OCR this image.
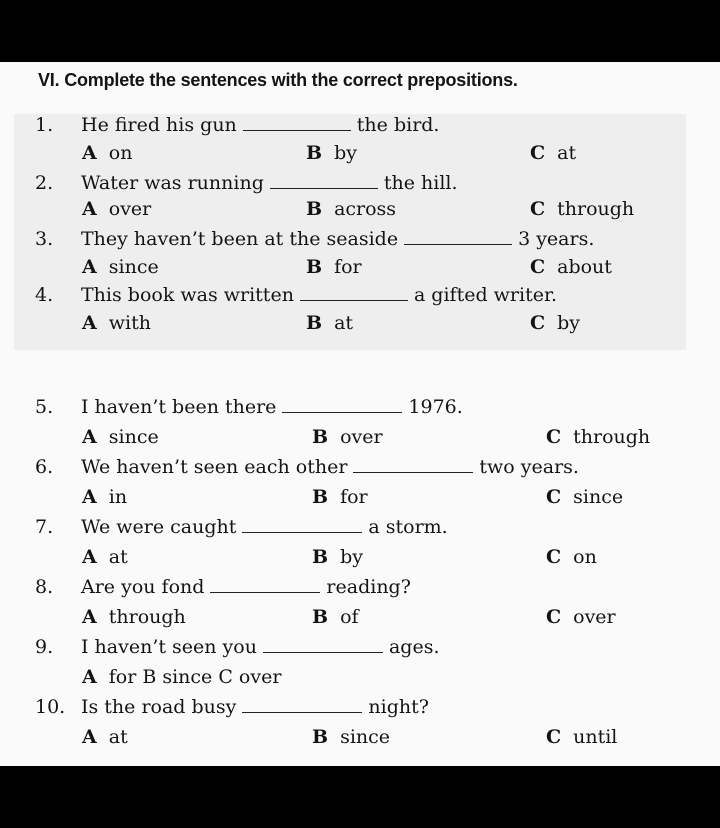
VI. Complete the sentences with the correct prepositions.
1. He fired his gun	the bird.
A on	B by	C at
2. Water was running	the hill.
A over	B across	C through
3. They haven’t been at the seaside	3 years.
A since	B for	C about
4. This book was written	a gifted writer.
A with	B at	C by
5. I haven’t been there	1976.
A since	B over	C through
6. We haven’t seen each other	two years.
A in	B for	C since
7. We were caught	a storm.
A at	B by	C on
8. Are you fond	reading?
A through	B of	C over
9. I haven’t seen you	ages.
A for B since C over
10. Is the road busy	night?
A at	B since	C until
